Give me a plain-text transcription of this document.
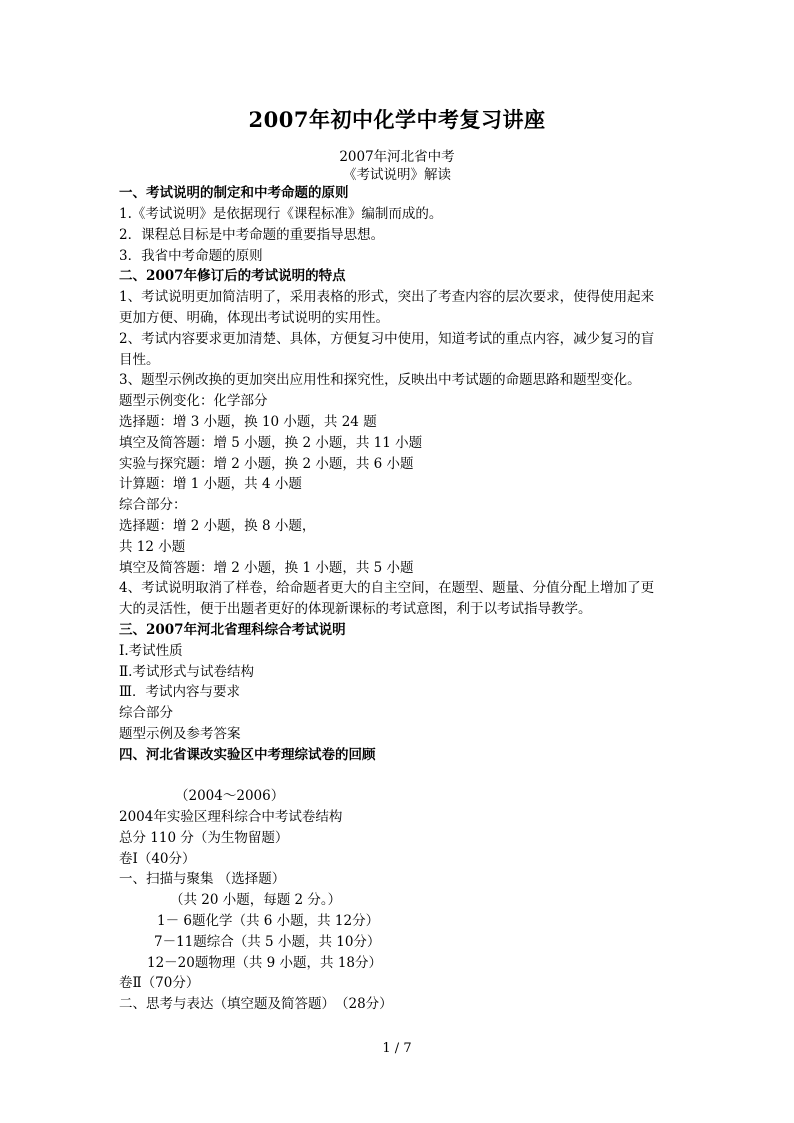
2007年初中化学中考复习讲座
2007年河北省中考
《考试说明》解读
一、考试说明的制定和中考命题的原则
1.《考试说明》是依据现行《课程标准》编制而成的。
2．课程总目标是中考命题的重要指导思想。
3．我省中考命题的原则
二、2007年修订后的考试说明的特点
1、考试说明更加简洁明了，采用表格的形式，突出了考查内容的层次要求，使得使用起来
更加方便、明确，体现出考试说明的实用性。
2、考试内容要求更加清楚、具体，方便复习中使用，知道考试的重点内容，减少复习的盲
目性。
3、题型示例改换的更加突出应用性和探究性，反映出中考试题的命题思路和题型变化。
题型示例变化：化学部分
选择题：增 3 小题，换 10 小题，共 24 题
填空及简答题：增 5 小题，换 2 小题，共 11 小题
实验与探究题：增 2 小题，换 2 小题，共 6 小题
计算题：增 1 小题，共 4 小题
综合部分：
选择题：增 2 小题，换 8 小题，
共 12 小题
填空及简答题：增 2 小题，换 1 小题，共 5 小题
4、考试说明取消了样卷，给命题者更大的自主空间，在题型、题量、分值分配上增加了更
大的灵活性，便于出题者更好的体现新课标的考试意图，利于以考试指导教学。
三、2007年河北省理科综合考试说明
Ⅰ.考试性质
Ⅱ.考试形式与试卷结构
Ⅲ．考试内容与要求
综合部分
题型示例及参考答案
四、河北省课改实验区中考理综试卷的回顾
（2004～2006）
2004年实验区理科综合中考试卷结构
总分 110 分（为生物留题）
卷Ⅰ（40分）
一、扫描与聚集 （选择题）
（共 20 小题，每题 2 分。）
1－ 6题化学（共 6 小题，共 12分）
7－11题综合（共 5 小题，共 10分）
12－20题物理（共 9 小题，共 18分）
卷Ⅱ（70分）
二、思考与表达（填空题及简答题）　（28分）
1 / 7
